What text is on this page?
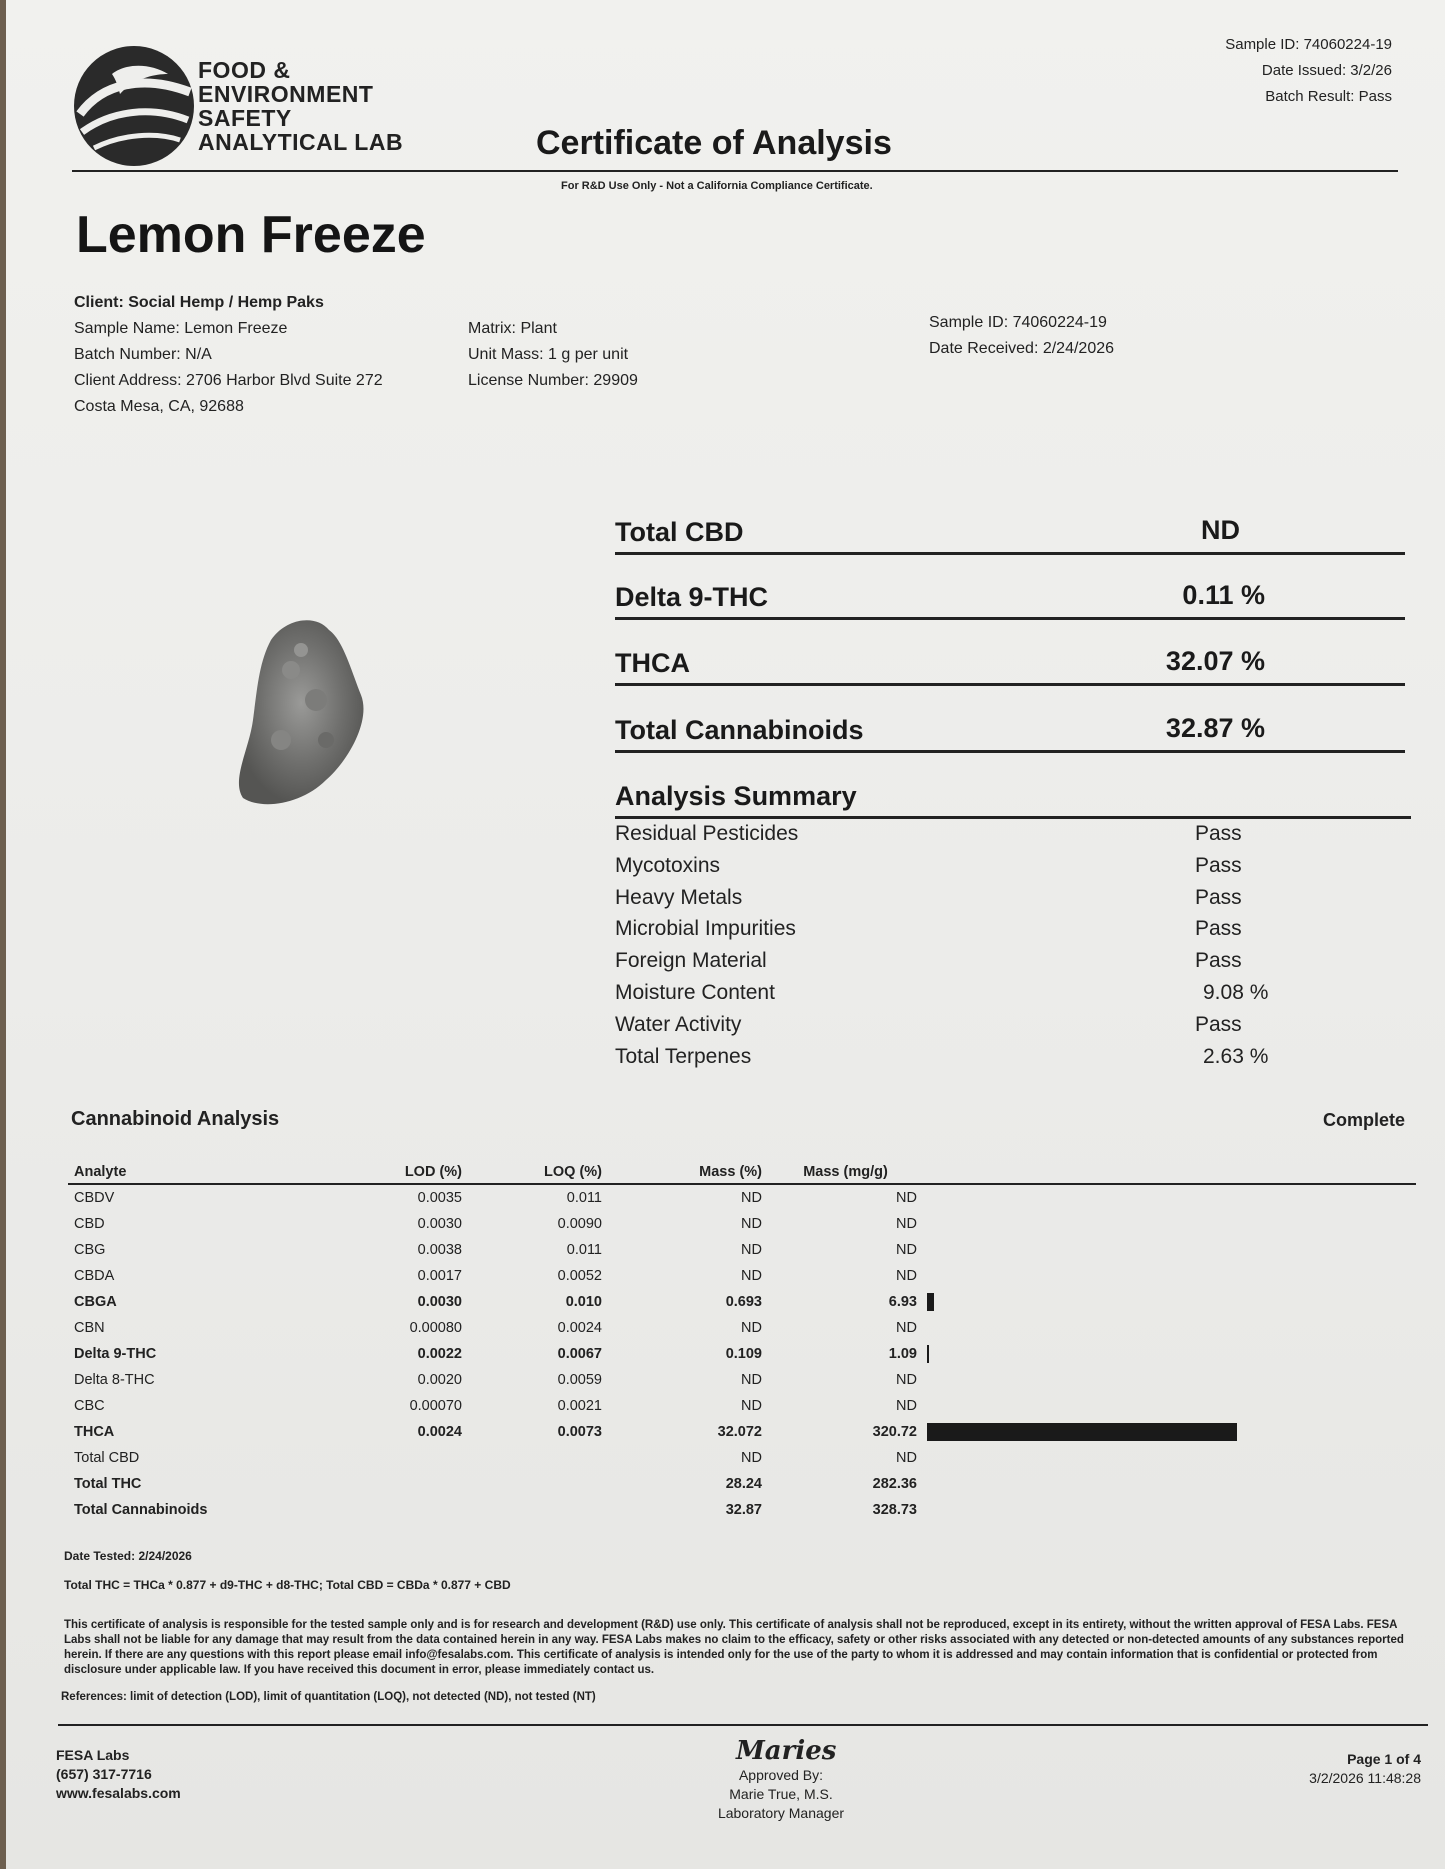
FOOD &
ENVIRONMENT
SAFETY
ANALYTICAL LAB
Sample ID: 74060224-19
Date Issued: 3/2/26
Batch Result: Pass
Certificate of Analysis
For R&D Use Only - Not a California Compliance Certificate.
Lemon Freeze
Client: Social Hemp / Hemp Paks
Sample Name: Lemon Freeze
Batch Number: N/A
Client Address: 2706 Harbor Blvd Suite 272
Costa Mesa, CA, 92688
Matrix: Plant
Unit Mass: 1 g per unit
License Number: 29909
Sample ID: 74060224-19
Date Received: 2/24/2026
Total CBD	ND
Delta 9-THC	0.11 %
THCA	32.07 %
Total Cannabinoids	32.87 %
Analysis Summary
Residual Pesticides	Pass
Mycotoxins	Pass
Heavy Metals	Pass
Microbial Impurities	Pass
Foreign Material	Pass
Moisture Content	9.08 %
Water Activity	Pass
Total Terpenes	2.63 %
Cannabinoid Analysis	Complete
Analyte	LOD (%)	LOQ (%)	Mass (%)	Mass (mg/g)	
CBDV	0.0035	0.011	ND	ND	
CBD	0.0030	0.0090	ND	ND	
CBG	0.0038	0.011	ND	ND	
CBDA	0.0017	0.0052	ND	ND	
CBGA	0.0030	0.010	0.693	6.93	
CBN	0.00080	0.0024	ND	ND	
Delta 9-THC	0.0022	0.0067	0.109	1.09	
Delta 8-THC	0.0020	0.0059	ND	ND	
CBC	0.00070	0.0021	ND	ND	
THCA	0.0024	0.0073	32.072	320.72	
Total CBD			ND	ND	
Total THC			28.24	282.36	
Total Cannabinoids			32.87	328.73	
Date Tested: 2/24/2026
Total THC = THCa * 0.877 + d9-THC + d8-THC; Total CBD = CBDa * 0.877 + CBD
This certificate of analysis is responsible for the tested sample only and is for research and development (R&D) use only. This certificate of analysis shall not be reproduced, except in its entirety, without the written approval of FESA Labs. FESA Labs shall not be liable for any damage that may result from the data contained herein in any way. FESA Labs makes no claim to the efficacy, safety or other risks associated with any detected or non-detected amounts of any substances reported herein. If there are any questions with this report please email info@fesalabs.com. This certificate of analysis is intended only for the use of the party to whom it is addressed and may contain information that is confidential or protected from disclosure under applicable law. If you have received this document in error, please immediately contact us.
References: limit of detection (LOD), limit of quantitation (LOQ), not detected (ND), not tested (NT)
FESA Labs
(657) 317-7716
www.fesalabs.com
Maries
Approved By:
Marie True, M.S.
Laboratory Manager
Page 1 of 4
3/2/2026 11:48:28
